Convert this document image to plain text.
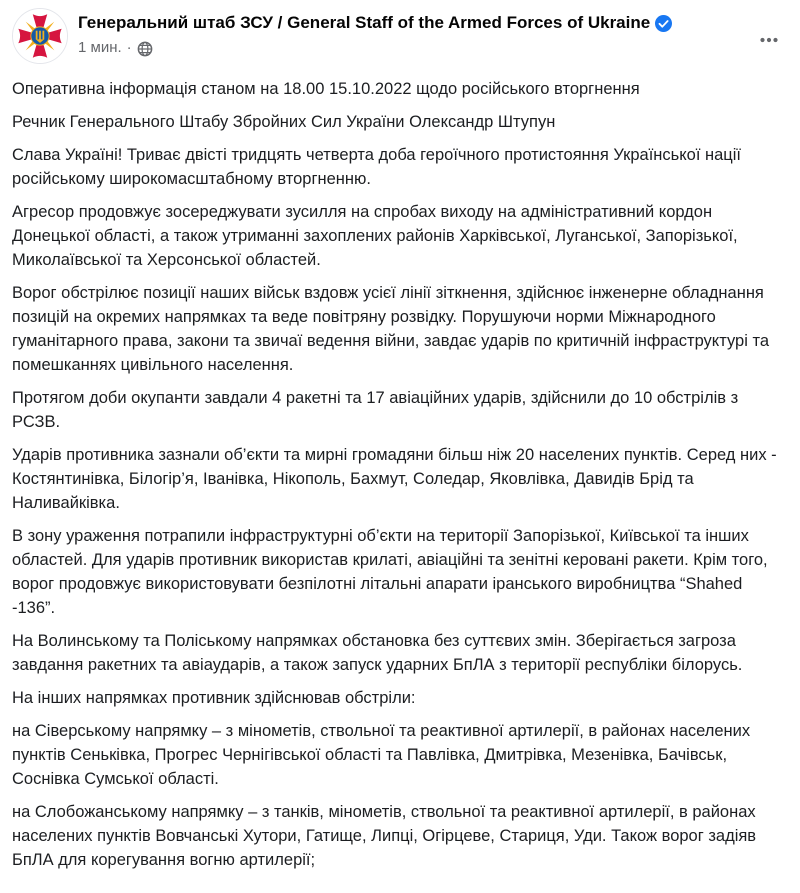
Генеральний штаб ЗСУ / General Staff of the Armed Forces of Ukraine
1 мин. ·

Оперативна інформація станом на 18.00 15.10.2022 щодо російського вторгнення

Речник Генерального Штабу Збройних Сил України Олександр Штупун

Слава Україні! Триває двісті тридцять четверта доба героїчного протистояння Української нації російському широкомасштабному вторгненню.

Агресор продовжує зосереджувати зусилля на спробах виходу на адміністративний кордон Донецької області, а також утриманні захоплених районів Харківської, Луганської, Запорізької, Миколаївської та Херсонської областей.

Ворог обстрілює позиції наших військ вздовж усієї лінії зіткнення, здійснює інженерне обладнання позицій на окремих напрямках та веде повітряну розвідку. Порушуючи норми Міжнародного гуманітарного права, закони та звичаї ведення війни, завдає ударів по критичній інфраструктурі та помешканнях цивільного населення.

Протягом доби окупанти завдали 4 ракетні та 17 авіаційних ударів, здійснили до 10 обстрілів з РСЗВ.

Ударів противника зазнали об’єкти та мирні громадяни більш ніж 20 населених пунктів. Серед них - Костянтинівка, Білогір’я, Іванівка, Нікополь, Бахмут, Соледар, Яковлівка, Давидів Брід та Наливайківка.

В зону ураження потрапили інфраструктурні об’єкти на території Запорізької, Київської та інших областей. Для ударів противник використав крилаті, авіаційні та зенітні керовані ракети. Крім того, ворог продовжує використовувати безпілотні літальні апарати іранського виробництва “Shahed -136”.

На Волинському та Поліському напрямках обстановка без суттєвих змін. Зберігається загроза завдання ракетних та авіаударів, а також запуск ударних БпЛА з території республіки білорусь.

На інших напрямках противник здійснював обстріли:

на Сіверському напрямку – з мінометів, ствольної та реактивної артилерії, в районах населених пунктів Сеньківка, Прогрес Чернігівської області та Павлівка, Дмитрівка, Мезенівка, Бачівськ, Соснівка Сумської області.

на Слобожанському напрямку – з танків, мінометів, ствольної та реактивної артилерії, в районах населених пунктів Вовчанські Хутори, Гатище, Липці, Огірцеве, Стариця, Уди. Також ворог задіяв БпЛА для корегування вогню артилерії;
